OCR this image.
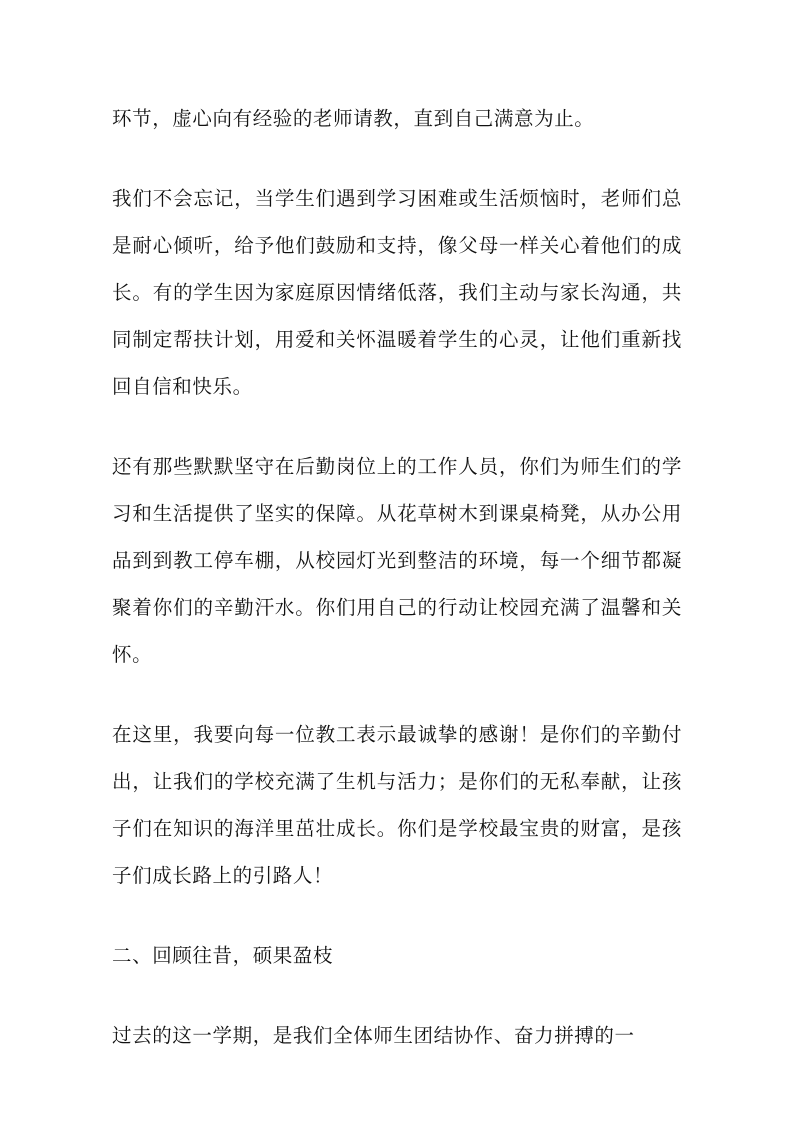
环节，虚心向有经验的老师请教，直到自己满意为止。

我们不会忘记，当学生们遇到学习困难或生活烦恼时，老师们总是耐心倾听，给予他们鼓励和支持，像父母一样关心着他们的成长。有的学生因为家庭原因情绪低落，我们主动与家长沟通，共同制定帮扶计划，用爱和关怀温暖着学生的心灵，让他们重新找回自信和快乐。

还有那些默默坚守在后勤岗位上的工作人员，你们为师生们的学习和生活提供了坚实的保障。从花草树木到课桌椅凳，从办公用品到到教工停车棚，从校园灯光到整洁的环境，每一个细节都凝聚着你们的辛勤汗水。你们用自己的行动让校园充满了温馨和关怀。

在这里，我要向每一位教工表示最诚挚的感谢！是你们的辛勤付出，让我们的学校充满了生机与活力；是你们的无私奉献，让孩子们在知识的海洋里茁壮成长。你们是学校最宝贵的财富，是孩子们成长路上的引路人！

二、回顾往昔，硕果盈枝

过去的这一学期，是我们全体师生团结协作、奋力拼搏的一
